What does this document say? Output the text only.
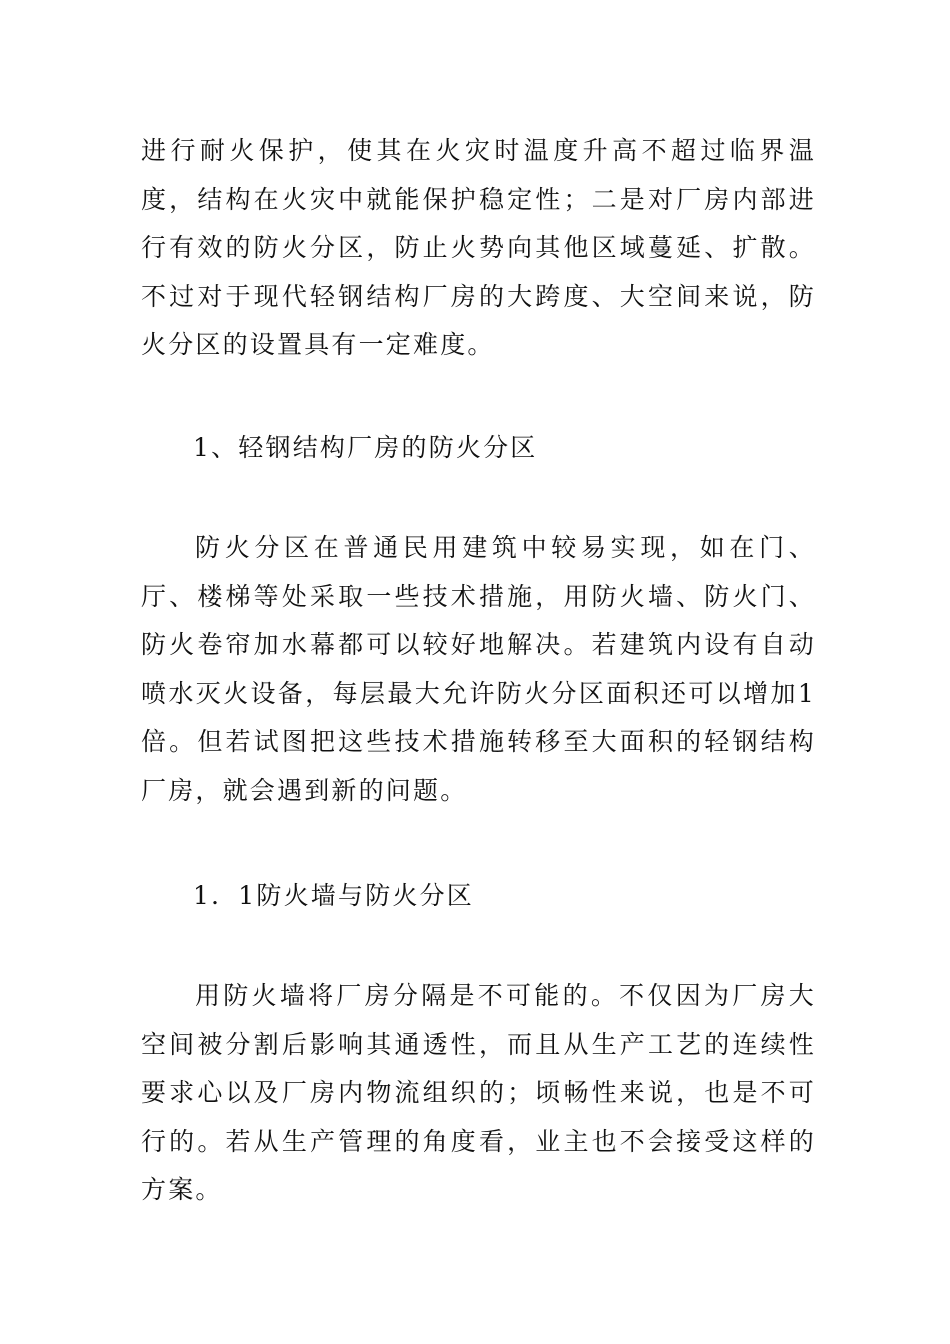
进行耐火保护，使其在火灾时温度升高不超过临界温度，结构在火灾中就能保护稳定性；二是对厂房内部进行有效的防火分区，防止火势向其他区域蔓延、扩散。不过对于现代轻钢结构厂房的大跨度、大空间来说，防火分区的设置具有一定难度。

1、轻钢结构厂房的防火分区

防火分区在普通民用建筑中较易实现，如在门、厅、楼梯等处采取一些技术措施，用防火墙、防火门、防火卷帘加水幕都可以较好地解决。若建筑内设有自动喷水灭火设备，每层最大允许防火分区面积还可以增加1倍。但若试图把这些技术措施转移至大面积的轻钢结构厂房，就会遇到新的问题。

1．1防火墙与防火分区

用防火墙将厂房分隔是不可能的。不仅因为厂房大空间被分割后影响其通透性，而且从生产工艺的连续性要求心以及厂房内物流组织的；顷畅性来说，也是不可行的。若从生产管理的角度看，业主也不会接受这样的方案。
